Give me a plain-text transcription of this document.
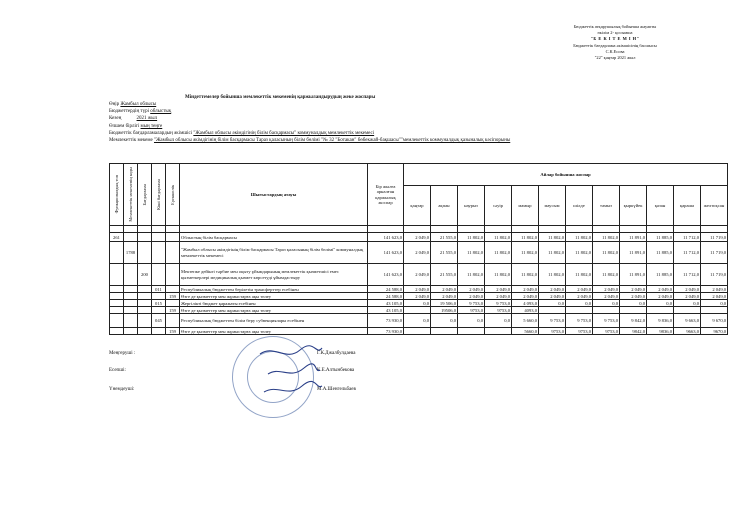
Бюджеттік атқарушылық бойынша жауапты
өкілім 2- қосымша
"Б Е К І Т Е М І Н"
Бюджеттік бағдарлама әкімшісінің басшысы
С.К.Есова
"22" қаңтар 2021 жыл
Міндеттемелер бойынша мемлекеттік мекеменің қаржыландырудың жеке жоспары
Өңір Жамбыл облысы
Бюджеттердің түрі облыстық
Кезең	2021 жыл
Өлшем бірлігі мың теңге
Бюджеттік бағдарламалардың әкімшісі "Жамбыл облысы әкімдігінің білім басқармасы" коммуналдық мемлекеттік мекемесі
Мемлекеттік мекеме "Жамбыл облысы әкімдігінің білім басқармасы Тараз қаласының білім бөлімі "№ 32 "Ботакан" бөбекжай-бақшасы""мемлекеттік коммуналдық қазыналық кәсіпорыны
Функционалдық топ	Мемлекеттік мекеменің коды	Бағдарлама	Кіші бағдарлама	Ерекшелік	Шығыстардың атауы	Бір жылға арналған қаржылық жоспар	Айлар бойынша жоспар											
							қаңтар	ақпан	наурыз	сәуір	мамыр	маусым	шілде	тамыз	қыркүйек	қазан	қараша	желтоқсан

261					Облыстың білім басқармасы	141 623,0	2 049,0	21 555,0	11 802,0	11 802,0	11 802,0	11 802,0	11 802,0	11 802,0	11 891,0	11 885,0	11 712,0	11 719,0
	1788				"Жамбыл облысы әкімдігінің білім басқармасы Тараз қаласының білім бөлімі" коммуналдық мемлекеттік мекемесі	141 623,0	2 049,0	21 555,0	11 802,0	11 802,0	11 802,0	11 802,0	11 802,0	11 802,0	11 891,0	11 885,0	11 712,0	11 719,0
		200			Мектепке дейінгі тәрбие мен оқыту ұйымдарының мемлекеттік қызметшісі емес қызметкерлері медициналық қызмет көрсетуді ұйымдастыру	141 623,0	2 049,0	21 555,0	11 802,0	11 802,0	11 802,0	11 802,0	11 802,0	11 802,0	11 891,0	11 885,0	11 712,0	11 719,0
			011		Республикалық бюджеттен берілетін трансферттер есебінен	24 588,0	2 049,0	2 049,0	2 049,0	2 049,0	2 049,0	2 049,0	2 049,0	2 049,0	2 049,0	2 049,0	2 049,0	2 049,0
				159	Өзге де қызметтер мен жұмыстарға ақы төлеу	24 588,0	2 049,0	2 049,0	2 049,0	2 049,0	2 049,0	2 049,0	2 049,0	2 049,0	2 049,0	2 049,0	2 049,0	2 049,0
			015		Жергілікті бюджет қаражаты есебінен	43 105,0	0,0	19 506,0	9 753,0	9 753,0	4 093,0	0,0	0,0	0,0	0,0	0,0	0,0	0,0
				159	Өзге де қызметтер мен жұмыстарға ақы төлеу	43 105,0		19506,0	9753,0	9753,0	4093,0							
			045		Республикалық бюджеттен білім беру субвенциялары есебінен	73 930,0	0,0	0,0	0,0	0,0	5 660,0	9 753,0	9 753,0	9 753,0	9 842,0	9 836,0	9 663,0	9 670,0
				159	Өзге де қызметтер мен жұмыстарға ақы төлеу	73 930,0					5660,0	9753,0	9753,0	9753,0	9842,0	9836,0	9663,0	9670,0
Меңгеруші :	Г.К.Джалбулдаева
Есепші:	К.Е.Алтынбекова
Үнемдеуші:	М.А.Шенгельбаев
